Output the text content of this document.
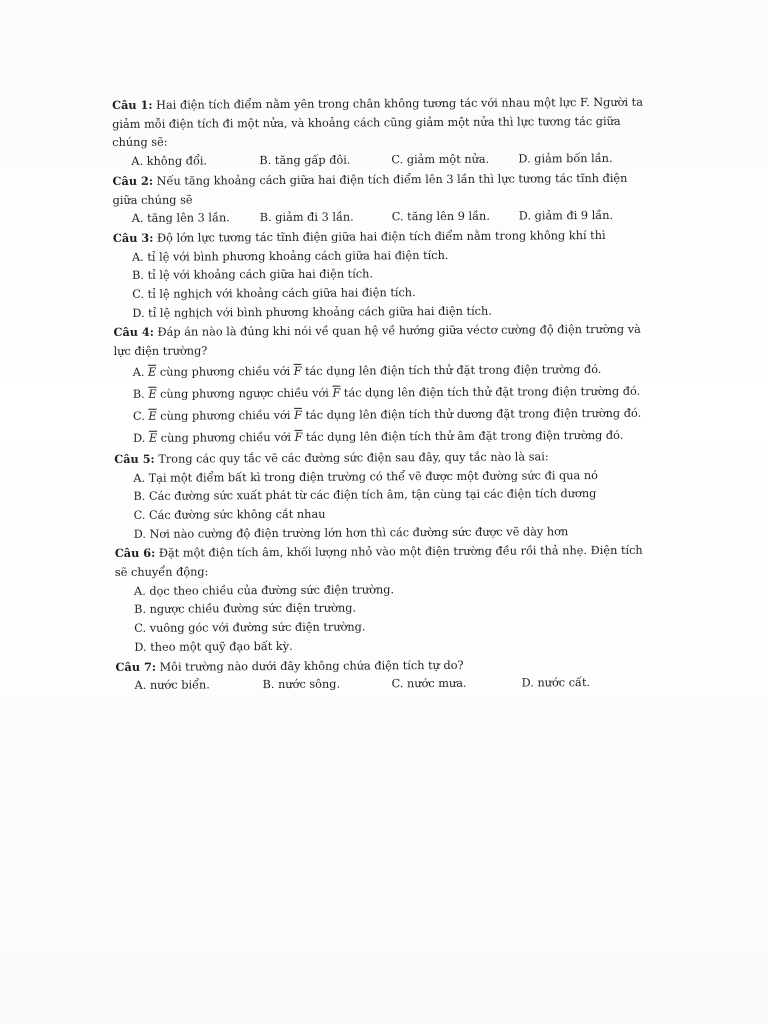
Câu 1: Hai điện tích điểm nằm yên trong chân không tương tác với nhau một lực F. Người ta giảm mỗi điện tích đi một nửa, và khoảng cách cũng giảm một nửa thì lực tương tác giữa chúng sẽ:

A. không đổi.	B. tăng gấp đôi.	C. giảm một nửa.	D. giảm bốn lần.

Câu 2: Nếu tăng khoảng cách giữa hai điện tích điểm lên 3 lần thì lực tương tác tĩnh điện giữa chúng sẽ

A. tăng lên 3 lần.	B. giảm đi 3 lần.	C. tăng lên 9 lần.	D. giảm đi 9 lần.

Câu 3: Độ lớn lực tương tác tĩnh điện giữa hai điện tích điểm nằm trong không khí thì

A. tỉ lệ với bình phương khoảng cách giữa hai điện tích.

B. tỉ lệ với khoảng cách giữa hai điện tích.

C. tỉ lệ nghịch với khoảng cách giữa hai điện tích.

D. tỉ lệ nghịch với bình phương khoảng cách giữa hai điện tích.

Câu 4: Đáp án nào là đúng khi nói về quan hệ về hướng giữa véctơ cường độ điện trường và lực điện trường?

A. $\overline{E}$ cùng phương chiều với $\overline{F}$ tác dụng lên điện tích thử đặt trong điện trường đó.

B. $\overline{E}$ cùng phương ngược chiều với $\overline{F}$ tác dụng lên điện tích thử đặt trong điện trường đó.

C. $\overline{E}$ cùng phương chiều với $\overline{F}$ tác dụng lên điện tích thử dương đặt trong điện trường đó.

D. $\overline{E}$ cùng phương chiều với $\overline{F}$ tác dụng lên điện tích thử âm đặt trong điện trường đó.

Câu 5: Trong các quy tắc vẽ các đường sức điện sau đây, quy tắc nào là sai:

A. Tại một điểm bất kì trong điện trường có thể vẽ được một đường sức đi qua nó

B. Các đường sức xuất phát từ các điện tích âm, tận cùng tại các điện tích dương

C. Các đường sức không cắt nhau

D. Nơi nào cường độ điện trường lớn hơn thì các đường sức được vẽ dày hơn

Câu 6: Đặt một điện tích âm, khối lượng nhỏ vào một điện trường đều rồi thả nhẹ. Điện tích sẽ chuyển động:

A. dọc theo chiều của đường sức điện trường.

B. ngược chiều đường sức điện trường.

C. vuông góc với đường sức điện trường.

D. theo một quỹ đạo bất kỳ.

Câu 7: Môi trường nào dưới đây không chứa điện tích tự do?

A. nước biển.	B. nước sông.	C. nước mưa.	D. nước cất.
